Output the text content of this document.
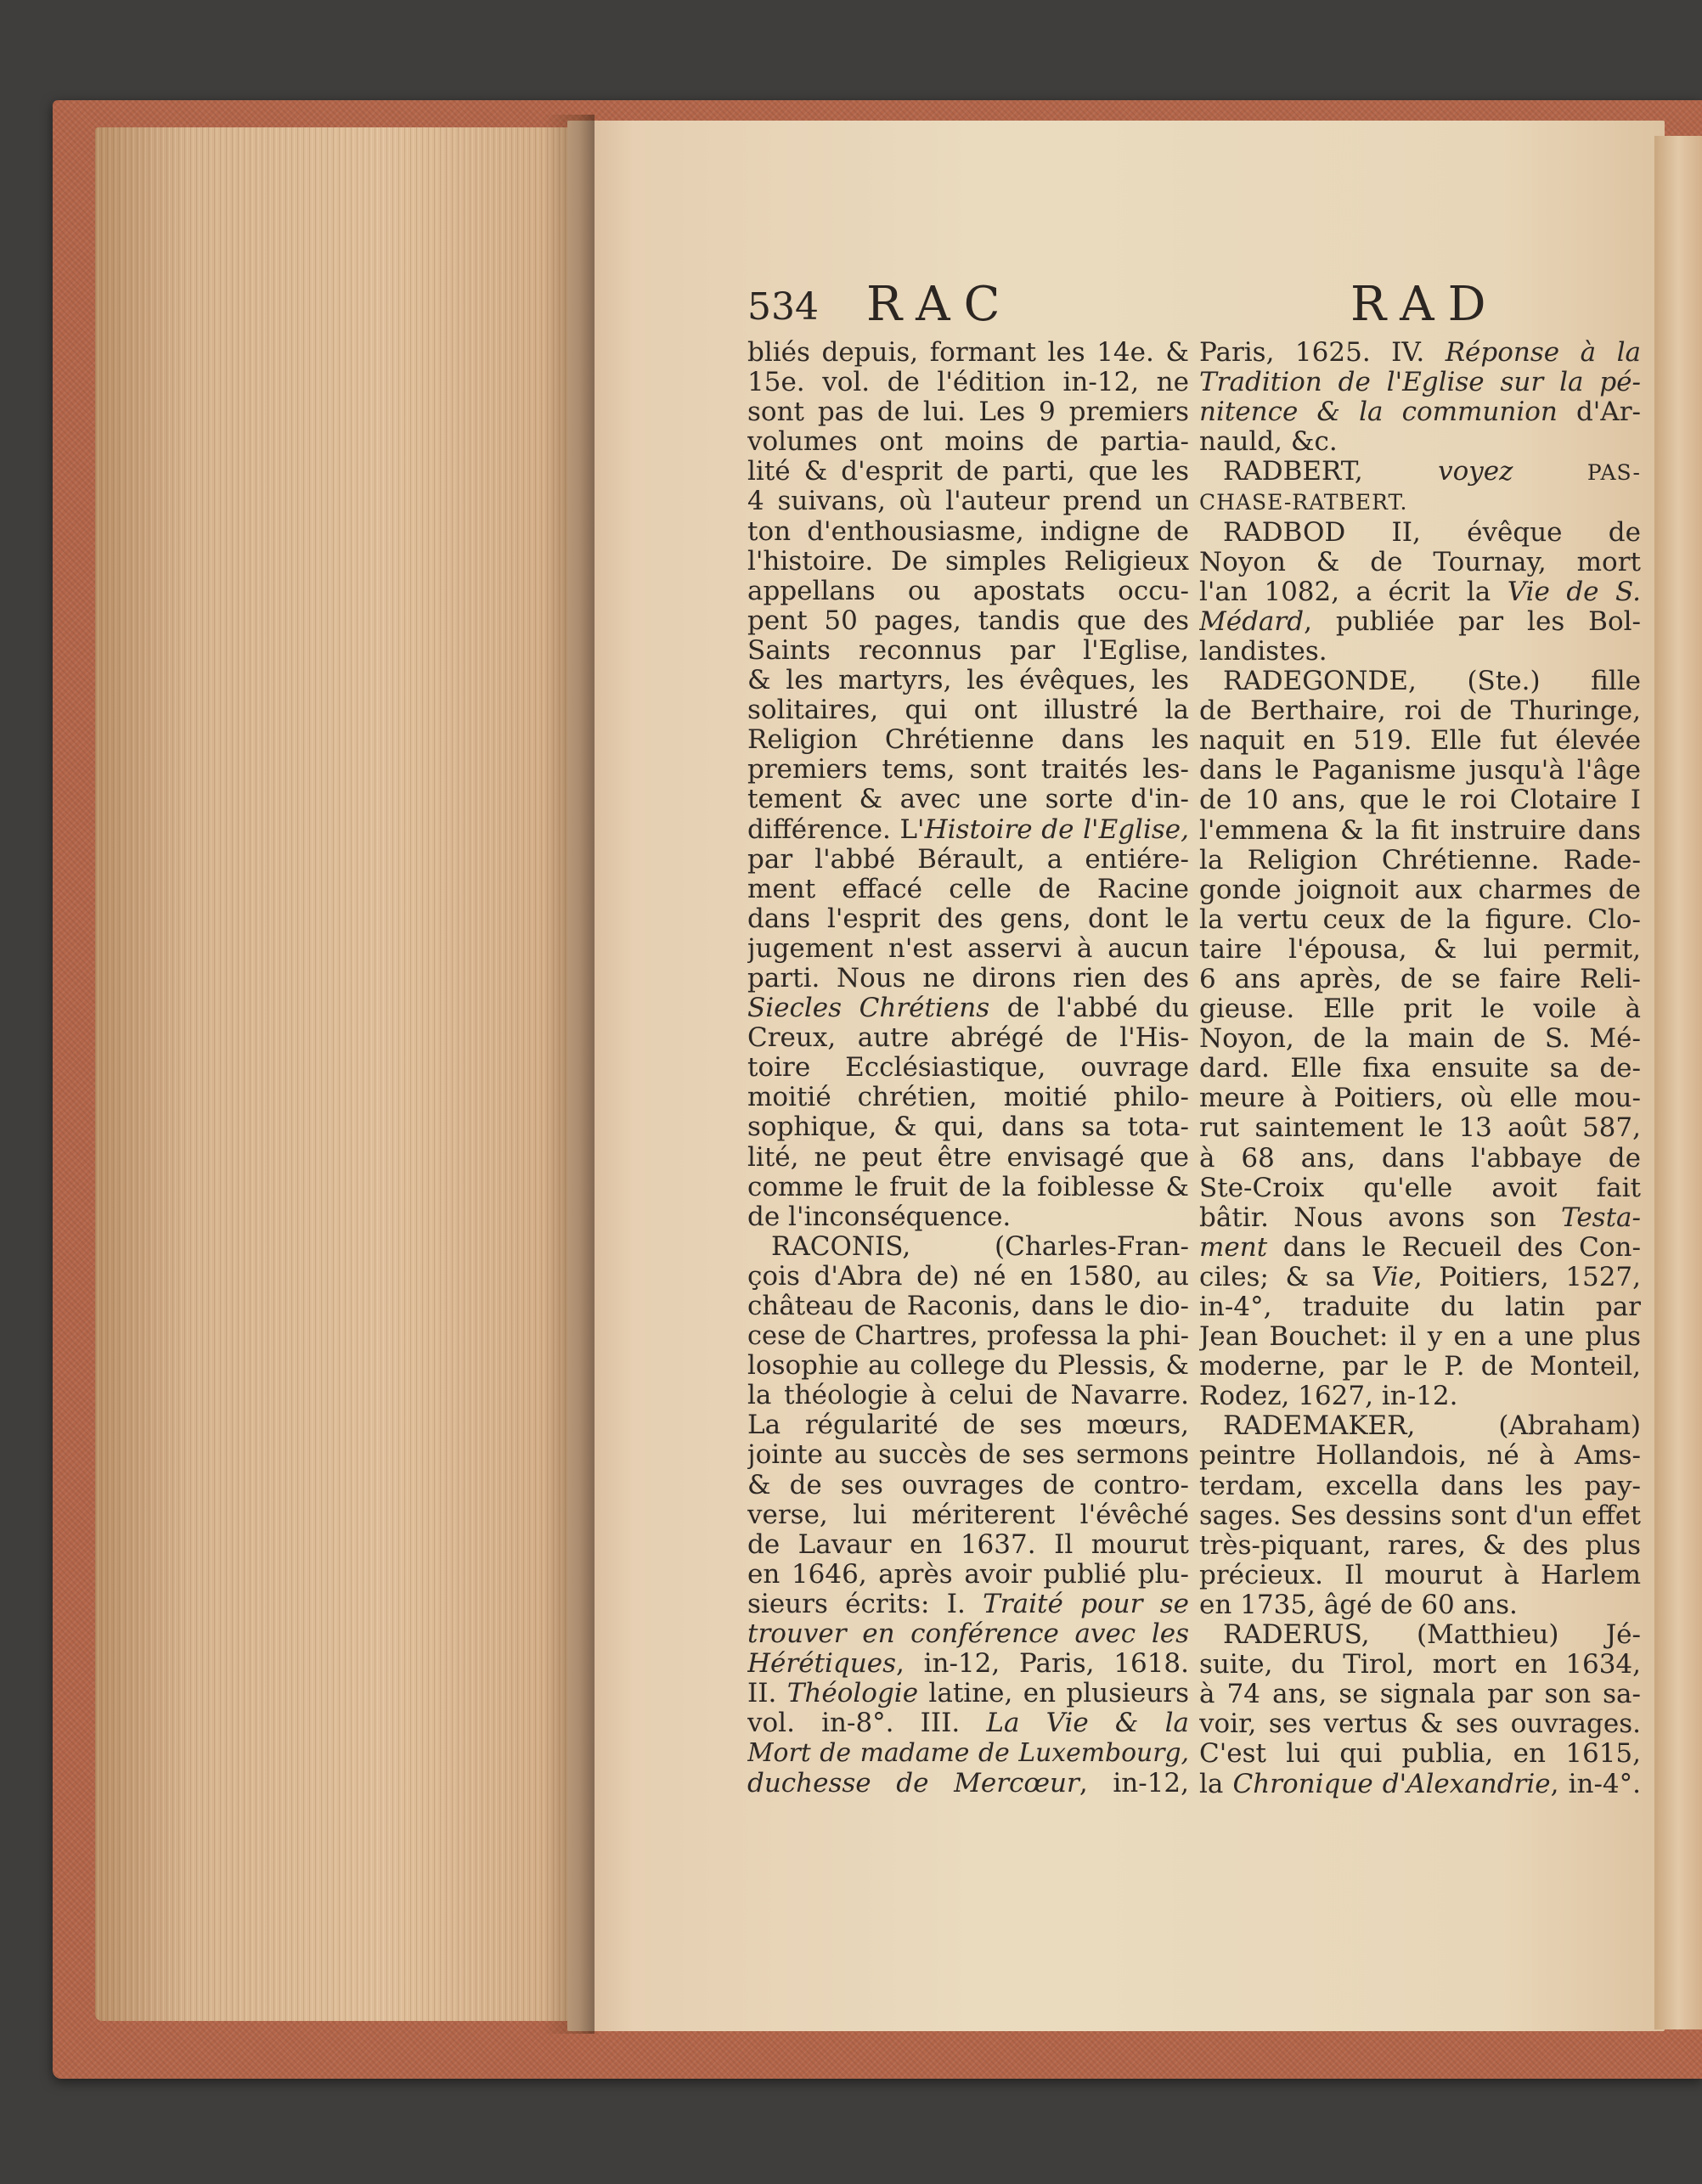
534 RAC	RAD
bliés depuis, formant les 14e. &
15e. vol. de l'édition in-12, ne
sont pas de lui. Les 9 premiers
volumes ont moins de partia-
lité & d'esprit de parti, que les
4 suivans, où l'auteur prend un
ton d'enthousiasme, indigne de
l'histoire. De simples Religieux
appellans ou apostats occu-
pent 50 pages, tandis que des
Saints reconnus par l'Eglise,
& les martyrs, les évêques, les
solitaires, qui ont illustré la
Religion Chrétienne dans les
premiers tems, sont traités les-
tement & avec une sorte d'in-
différence. L'Histoire de l'Eglise,
par l'abbé Bérault, a entiére-
ment effacé celle de Racine
dans l'esprit des gens, dont le
jugement n'est asservi à aucun
parti. Nous ne dirons rien des
Siecles Chrétiens de l'abbé du
Creux, autre abrégé de l'His-
toire Ecclésiastique, ouvrage
moitié chrétien, moitié philo-
sophique, & qui, dans sa tota-
lité, ne peut être envisagé que
comme le fruit de la foiblesse &
de l'inconséquence.
RACONIS, (Charles-Fran-
çois d'Abra de) né en 1580, au
château de Raconis, dans le dio-
cese de Chartres, professa la phi-
losophie au college du Plessis, &
la théologie à celui de Navarre.
La régularité de ses mœurs,
jointe au succès de ses sermons
& de ses ouvrages de contro-
verse, lui mériterent l'évêché
de Lavaur en 1637. Il mourut
en 1646, après avoir publié plu-
sieurs écrits: I. Traité pour se
trouver en conférence avec les
Hérétiques, in-12, Paris, 1618.
II. Théologie latine, en plusieurs
vol. in-8°. III. La Vie & la
Mort de madame de Luxembourg,
duchesse de Mercœur, in-12,
Paris, 1625. IV. Réponse à la
Tradition de l'Eglise sur la pé-
nitence & la communion d'Ar-
nauld, &c.
RADBERT, voyez PAS-
CHASE-RATBERT.
RADBOD II, évêque de
Noyon & de Tournay, mort
l'an 1082, a écrit la Vie de S.
Médard, publiée par les Bol-
landistes.
RADEGONDE, (Ste.) fille
de Berthaire, roi de Thuringe,
naquit en 519. Elle fut élevée
dans le Paganisme jusqu'à l'âge
de 10 ans, que le roi Clotaire I
l'emmena & la fit instruire dans
la Religion Chrétienne. Rade-
gonde joignoit aux charmes de
la vertu ceux de la figure. Clo-
taire l'épousa, & lui permit,
6 ans après, de se faire Reli-
gieuse. Elle prit le voile à
Noyon, de la main de S. Mé-
dard. Elle fixa ensuite sa de-
meure à Poitiers, où elle mou-
rut saintement le 13 août 587,
à 68 ans, dans l'abbaye de
Ste-Croix qu'elle avoit fait
bâtir. Nous avons son Testa-
ment dans le Recueil des Con-
ciles; & sa Vie, Poitiers, 1527,
in-4°, traduite du latin par
Jean Bouchet: il y en a une plus
moderne, par le P. de Monteil,
Rodez, 1627, in-12.
RADEMAKER, (Abraham)
peintre Hollandois, né à Ams-
terdam, excella dans les pay-
sages. Ses dessins sont d'un effet
très-piquant, rares, & des plus
précieux. Il mourut à Harlem
en 1735, âgé de 60 ans.
RADERUS, (Matthieu) Jé-
suite, du Tirol, mort en 1634,
à 74 ans, se signala par son sa-
voir, ses vertus & ses ouvrages.
C'est lui qui publia, en 1615,
la Chronique d'Alexandrie, in-4°.
